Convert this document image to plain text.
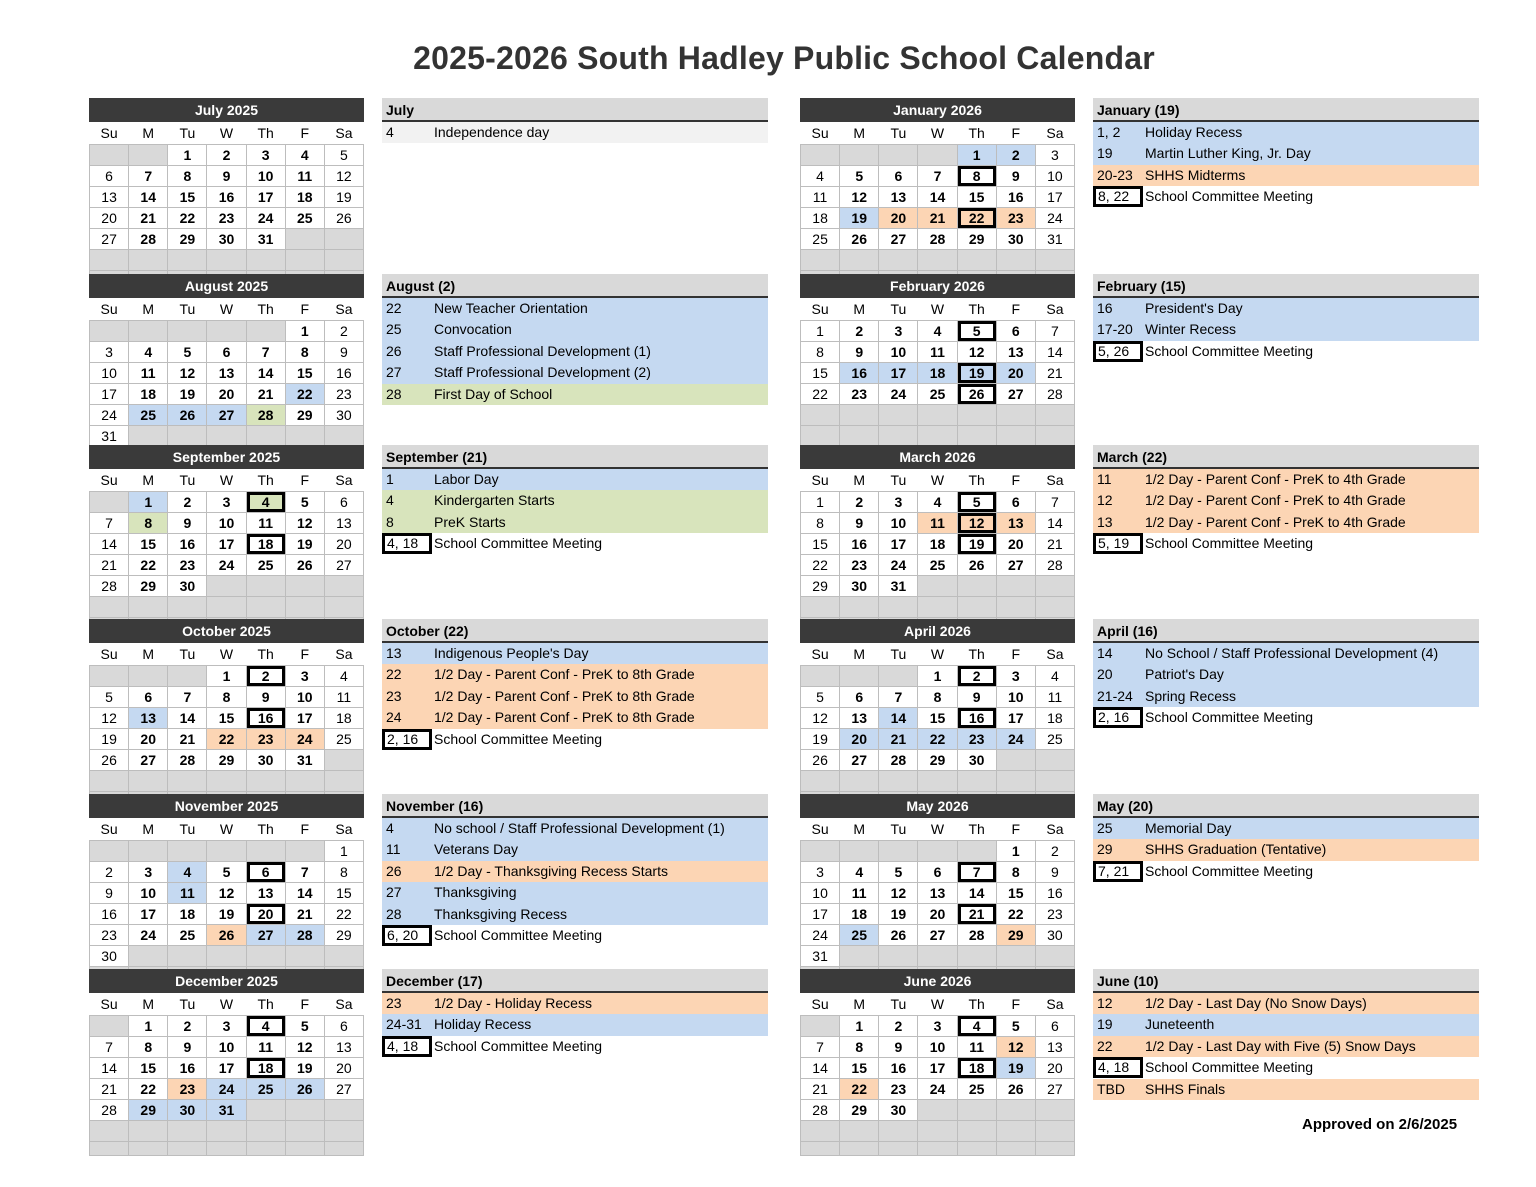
2025-2026 South Hadley Public School Calendar
July 2025
Su	M	Tu	W	Th	F	Sa
		1	2	3	4	5
6	7	8	9	10	11	12
13	14	15	16	17	18	19
20	21	22	23	24	25	26
27	28	29	30	31		

July
4	Independence day
August 2025
Su	M	Tu	W	Th	F	Sa
					1	2
3	4	5	6	7	8	9
10	11	12	13	14	15	16
17	18	19	20	21	22	23
24	25	26	27	28	29	30
31						

August (2)
22 New Teacher Orientation
25 Convocation
26 Staff Professional Development (1)
27 Staff Professional Development (2)
28 First Day of School
September 2025
Su	M	Tu	W	Th	F	Sa
	1	2	3	4	5	6
7	8	9	10	11	12	13
14	15	16	17	18	19	20
21	22	23	24	25	26	27
28	29	30				

September (21)
1	Labor Day
4	Kindergarten Starts
8	PreK Starts
4, 18	School Committee Meeting
October 2025
Su	M	Tu	W	Th	F	Sa
			1	2	3	4
5	6	7	8	9	10	11
12	13	14	15	16	17	18
19	20	21	22	23	24	25
26	27	28	29	30	31	

October (22)
13 Indigenous People's Day
22 1/2 Day - Parent Conf - PreK to 8th Grade
23 1/2 Day - Parent Conf - PreK to 8th Grade
24 1/2 Day - Parent Conf - PreK to 8th Grade
2, 16	School Committee Meeting
November 2025
Su	M	Tu	W	Th	F	Sa
						1
2	3	4	5	6	7	8
9	10	11	12	13	14	15
16	17	18	19	20	21	22
23	24	25	26	27	28	29
30						

November (16)
4	No school / Staff Professional Development (1)
11 Veterans Day
26 1/2 Day - Thanksgiving Recess Starts
27 Thanksgiving
28 Thanksgiving Recess
6, 20	School Committee Meeting
December 2025
Su	M	Tu	W	Th	F	Sa
	1	2	3	4	5	6
7	8	9	10	11	12	13
14	15	16	17	18	19	20
21	22	23	24	25	26	27
28	29	30	31			

December (17)
23 1/2 Day - Holiday Recess
24-31 Holiday Recess
4, 18	School Committee Meeting
January 2026
Su	M	Tu	W	Th	F	Sa
				1	2	3
4	5	6	7	8	9	10
11	12	13	14	15	16	17
18	19	20	21	22	23	24
25	26	27	28	29	30	31

January (19)
1, 2 Holiday Recess
19 Martin Luther King, Jr. Day
20-23 SHHS Midterms
8, 22	School Committee Meeting
February 2026
Su	M	Tu	W	Th	F	Sa
1	2	3	4	5	6	7
8	9	10	11	12	13	14
15	16	17	18	19	20	21
22	23	24	25	26	27	28

February (15)
16 President's Day
17-20 Winter Recess
5, 26	School Committee Meeting
March 2026
Su	M	Tu	W	Th	F	Sa
1	2	3	4	5	6	7
8	9	10	11	12	13	14
15	16	17	18	19	20	21
22	23	24	25	26	27	28
29	30	31				

March (22)
11 1/2 Day - Parent Conf - PreK to 4th Grade
12 1/2 Day - Parent Conf - PreK to 4th Grade
13 1/2 Day - Parent Conf - PreK to 4th Grade
5, 19	School Committee Meeting
April 2026
Su	M	Tu	W	Th	F	Sa
			1	2	3	4
5	6	7	8	9	10	11
12	13	14	15	16	17	18
19	20	21	22	23	24	25
26	27	28	29	30		

April (16)
14 No School / Staff Professional Development (4)
20 Patriot's Day
21-24 Spring Recess
2, 16	School Committee Meeting
May 2026
Su	M	Tu	W	Th	F	Sa
					1	2
3	4	5	6	7	8	9
10	11	12	13	14	15	16
17	18	19	20	21	22	23
24	25	26	27	28	29	30
31						

May (20)
25 Memorial Day
29 SHHS Graduation (Tentative)
7, 21	School Committee Meeting
June 2026
Su	M	Tu	W	Th	F	Sa
	1	2	3	4	5	6
7	8	9	10	11	12	13
14	15	16	17	18	19	20
21	22	23	24	25	26	27
28	29	30				

June (10)
12 1/2 Day - Last Day (No Snow Days)
19 Juneteenth
22 1/2 Day - Last Day with Five (5) Snow Days
4, 18	School Committee Meeting
TBD SHHS Finals
Approved on 2/6/2025
